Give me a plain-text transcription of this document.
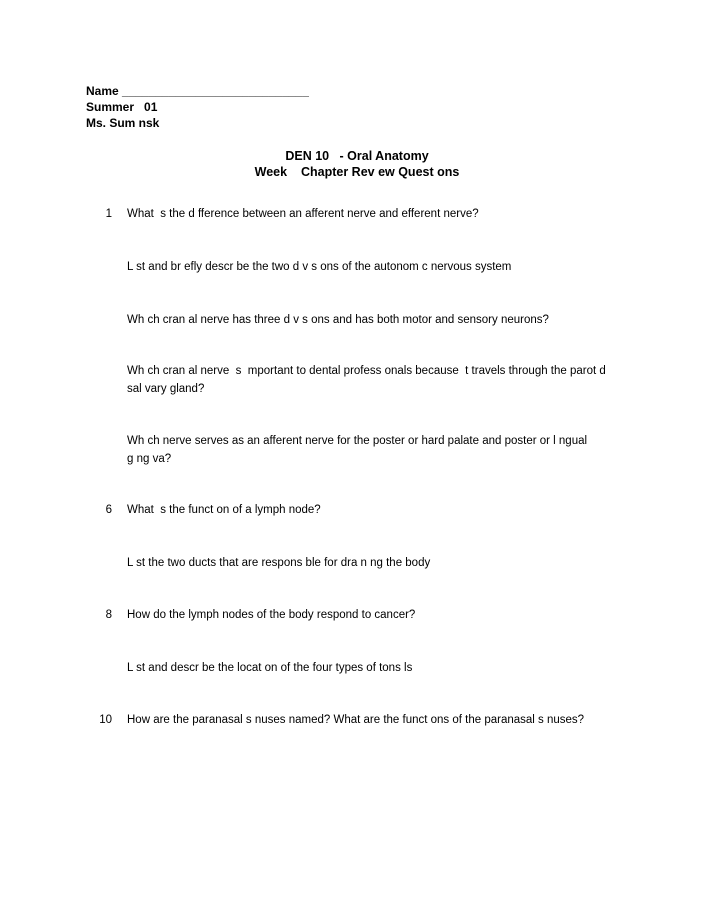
Name ____________________________
Summer   01
Ms. Sum nsk
DEN 10   - Oral Anatomy
Week    Chapter Rev ew Quest ons
1 What  s the d fference between an afferent nerve and efferent nerve?
L st and br efly descr be the two d v s ons of the autonom c nervous system
Wh ch cran al nerve has three d v s ons and has both motor and sensory neurons?
Wh ch cran al nerve  s  mportant to dental profess onals because  t travels through the parot d
sal vary gland?
Wh ch nerve serves as an afferent nerve for the poster or hard palate and poster or l ngual
g ng va?
6 What  s the funct on of a lymph node?
L st the two ducts that are respons ble for dra n ng the body
8 How do the lymph nodes of the body respond to cancer?
L st and descr be the locat on of the four types of tons ls
10 How are the paranasal s nuses named? What are the funct ons of the paranasal s nuses?
